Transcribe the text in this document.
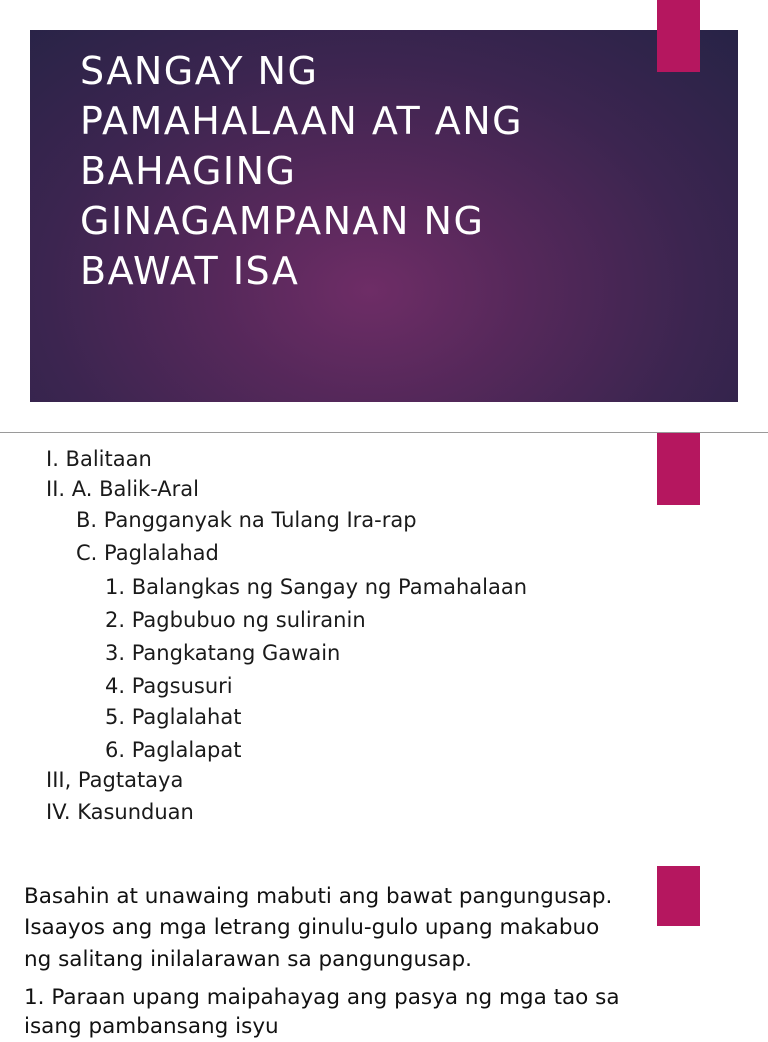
SANGAY NG
PAMAHALAAN AT ANG
BAHAGING
GINAGAMPANAN NG
BAWAT ISA
I. Balitaan
II. A. Balik-Aral
B. Pangganyak na Tulang Ira-rap
C. Paglalahad
1. Balangkas ng Sangay ng Pamahalaan
2. Pagbubuo ng suliranin
3. Pangkatang Gawain
4. Pagsusuri
5. Paglalahat
6. Paglalapat
III, Pagtataya
IV. Kasunduan
Basahin at unawaing mabuti ang bawat pangungusap.
Isaayos ang mga letrang ginulu-gulo upang makabuo
ng salitang inilalarawan sa pangungusap.
1. Paraan upang maipahayag ang pasya ng mga tao sa
isang pambansang isyu
